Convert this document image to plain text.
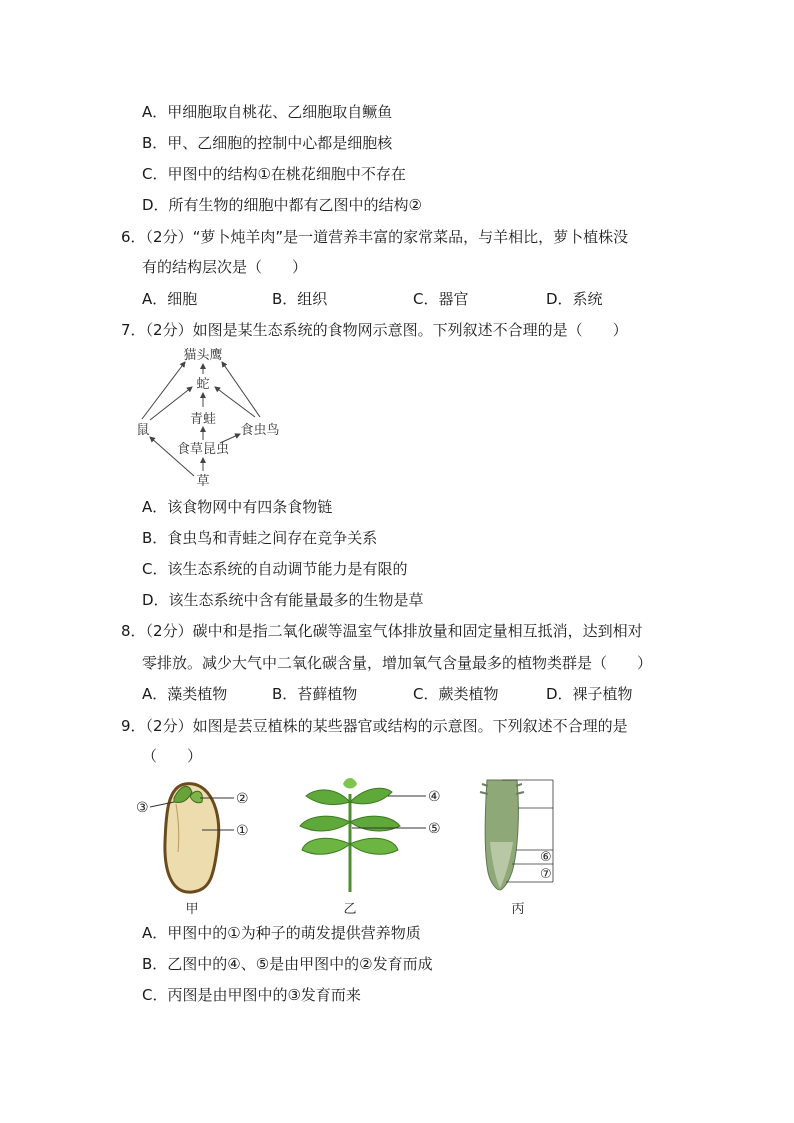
A．甲细胞取自桃花、乙细胞取自鳜鱼
B．甲、乙细胞的控制中心都是细胞核
C．甲图中的结构①在桃花细胞中不存在
D．所有生物的细胞中都有乙图中的结构②
6．（2分）“萝卜炖羊肉”是一道营养丰富的家常菜品，与羊相比，萝卜植株没
有的结构层次是（　　）
A．细胞	B．组织	C．器官	D．系统
7．（2分）如图是某生态系统的食物网示意图。下列叙述不合理的是（　　）
猫头鹰
蛇
青蛙
鼠	食虫鸟
食草昆虫
草
A．该食物网中有四条食物链
B．食虫鸟和青蛙之间存在竞争关系
C．该生态系统的自动调节能力是有限的
D．该生态系统中含有能量最多的生物是草
8．（2分）碳中和是指二氧化碳等温室气体排放量和固定量相互抵消，达到相对
零排放。减少大气中二氧化碳含量，增加氧气含量最多的植物类群是（　　）
A．藻类植物	B．苔藓植物	C．蕨类植物	D．裸子植物
9．（2分）如图是芸豆植株的某些器官或结构的示意图。下列叙述不合理的是
（　　）
③
②
①
④
⑤
⑥
⑦
甲	乙	丙
A．甲图中的①为种子的萌发提供营养物质
B．乙图中的④、⑤是由甲图中的②发育而成
C．丙图是由甲图中的③发育而来
